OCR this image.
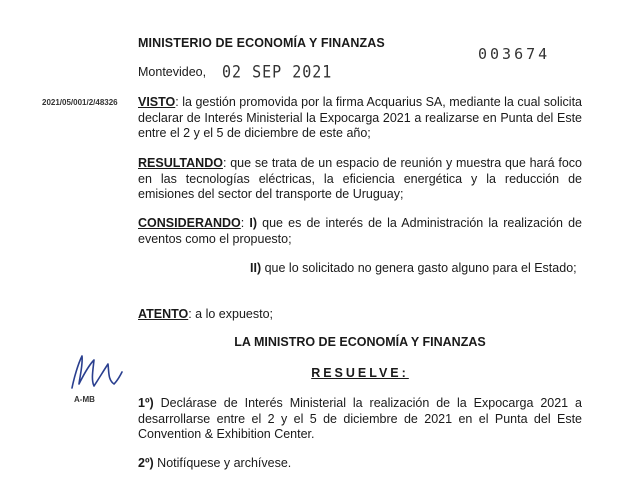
MINISTERIO DE ECONOMÍA Y FINANZAS
003674
Montevideo, 02 SEP 2021
2021/05/001/2/48326 VISTO: la gestión promovida por la firma Acquarius SA, mediante la cual solicita declarar de Interés Ministerial la Expocarga 2021 a realizarse en Punta del Este entre el 2 y el 5 de diciembre de este año;
RESULTANDO: que se trata de un espacio de reunión y muestra que hará foco en las tecnologías eléctricas, la eficiencia energética y la reducción de emisiones del sector del transporte de Uruguay;
CONSIDERANDO: I) que es de interés de la Administración la realización de eventos como el propuesto;
II) que lo solicitado no genera gasto alguno para el Estado;
ATENTO: a lo expuesto;
LA MINISTRO DE ECONOMÍA Y FINANZAS
RESUELVE:
1º) Declárase de Interés Ministerial la realización de la Expocarga 2021 a desarrollarse entre el 2 y el 5 de diciembre de 2021 en el Punta del Este Convention & Exhibition Center.
2º) Notifíquese y archívese.
A-MB
